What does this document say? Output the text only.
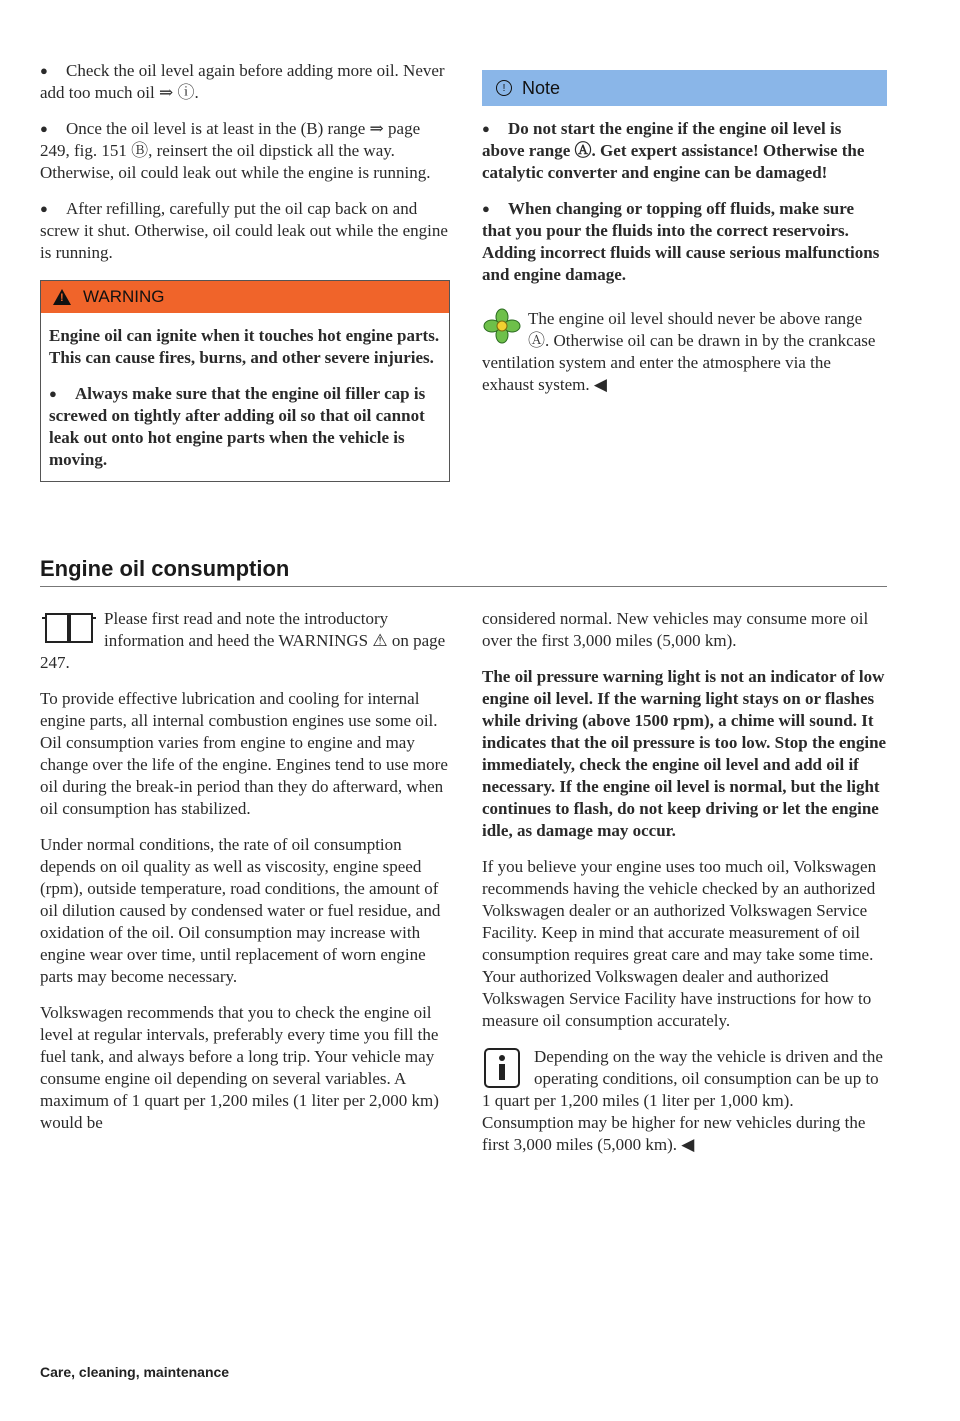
● Check the oil level again before adding more oil. Never add too much oil ⇒ ⓘ.

● Once the oil level is at least in the (B) range ⇒ page 249, fig. 151 Ⓑ, reinsert the oil dipstick all the way. Otherwise, oil could leak out while the engine is running.

● After refilling, carefully put the oil cap back on and screw it shut. Otherwise, oil could leak out while the engine is running.

!
WARNING

Engine oil can ignite when it touches hot engine parts. This can cause fires, burns, and other severe injuries.

● Always make sure that the engine oil filler cap is screwed on tightly after adding oil so that oil cannot leak out onto hot engine parts when the vehicle is moving.

! Note

● Do not start the engine if the engine oil level is above range Ⓐ. Get expert assistance! Otherwise the catalytic converter and engine can be damaged!

● When changing or topping off fluids, make sure that you pour the fluids into the correct reservoirs. Adding incorrect fluids will cause serious malfunctions and engine damage.

The engine oil level should never be above range Ⓐ. Otherwise oil can be drawn in by the crankcase ventilation system and enter the atmosphere via the exhaust system. ◀

Engine oil consumption

Please first read and note the introductory information and heed the WARNINGS ⚠ on page 247.

To provide effective lubrication and cooling for internal engine parts, all internal combustion engines use some oil. Oil consumption varies from engine to engine and may change over the life of the engine. Engines tend to use more oil during the break-in period than they do afterward, when oil consumption has stabilized.

Under normal conditions, the rate of oil consumption depends on oil quality as well as viscosity, engine speed (rpm), outside temperature, road conditions, the amount of oil dilution caused by condensed water or fuel residue, and oxidation of the oil. Oil consumption may increase with engine wear over time, until replacement of worn engine parts may become necessary.

Volkswagen recommends that you to check the engine oil level at regular intervals, preferably every time you fill the fuel tank, and always before a long trip. Your vehicle may consume engine oil depending on several variables. A maximum of 1 quart per 1,200 miles (1 liter per 2,000 km) would be

considered normal. New vehicles may consume more oil over the first 3,000 miles (5,000 km).

The oil pressure warning light is not an indicator of low engine oil level. If the warning light stays on or flashes while driving (above 1500 rpm), a chime will sound. It indicates that the oil pressure is too low. Stop the engine immediately, check the engine oil level and add oil if necessary. If the engine oil level is normal, but the light continues to flash, do not keep driving or let the engine idle, as damage may occur.

If you believe your engine uses too much oil, Volkswagen recommends having the vehicle checked by an authorized Volkswagen dealer or an authorized Volkswagen Service Facility. Keep in mind that accurate measurement of oil consumption requires great care and may take some time. Your authorized Volkswagen dealer and authorized Volkswagen Service Facility have instructions for how to measure oil consumption accurately.

Depending on the way the vehicle is driven and the operating conditions, oil consumption can be up to 1 quart per 1,200 miles (1 liter per 1,000 km). Consumption may be higher for new vehicles during the first 3,000 miles (5,000 km). ◀

Care, cleaning, maintenance
